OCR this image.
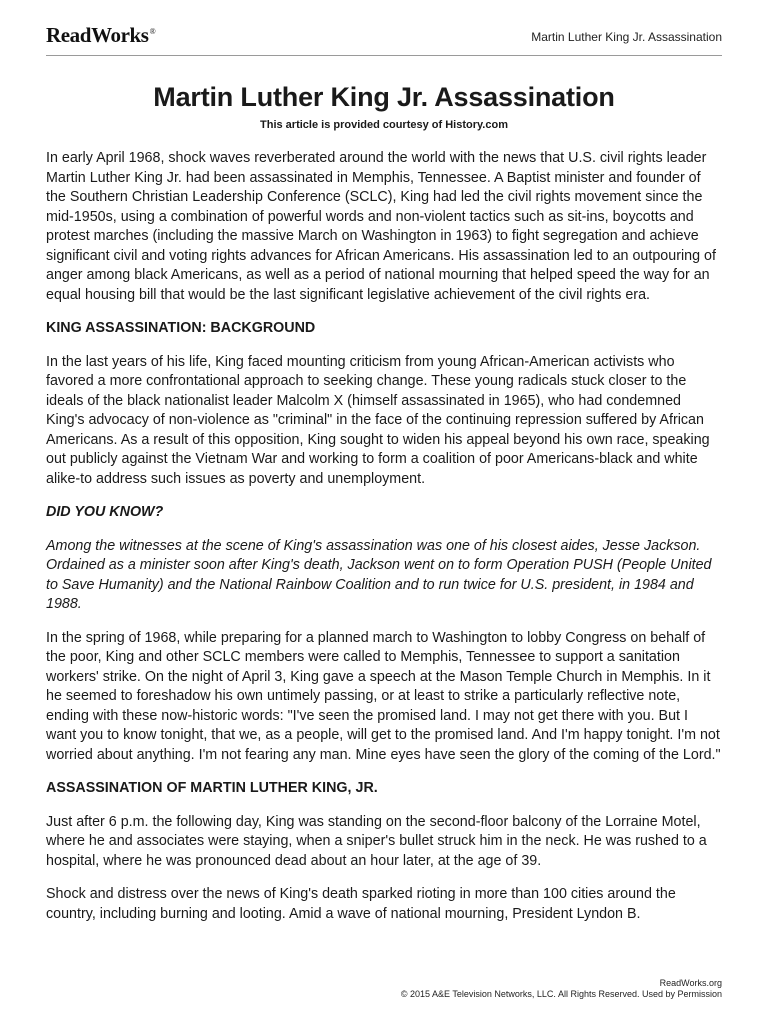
ReadWorks®	Martin Luther King Jr. Assassination
Martin Luther King Jr. Assassination
This article is provided courtesy of History.com

In early April 1968, shock waves reverberated around the world with the news that U.S. civil rights leader Martin Luther King Jr. had been assassinated in Memphis, Tennessee. A Baptist minister and founder of the Southern Christian Leadership Conference (SCLC), King had led the civil rights movement since the mid-1950s, using a combination of powerful words and non-violent tactics such as sit-ins, boycotts and protest marches (including the massive March on Washington in 1963) to fight segregation and achieve significant civil and voting rights advances for African Americans. His assassination led to an outpouring of anger among black Americans, as well as a period of national mourning that helped speed the way for an equal housing bill that would be the last significant legislative achievement of the civil rights era.

KING ASSASSINATION: BACKGROUND

In the last years of his life, King faced mounting criticism from young African-American activists who favored a more confrontational approach to seeking change. These young radicals stuck closer to the ideals of the black nationalist leader Malcolm X (himself assassinated in 1965), who had condemned King's advocacy of non-violence as "criminal" in the face of the continuing repression suffered by African Americans. As a result of this opposition, King sought to widen his appeal beyond his own race, speaking out publicly against the Vietnam War and working to form a coalition of poor Americans-black and white alike-to address such issues as poverty and unemployment.

DID YOU KNOW?

Among the witnesses at the scene of King's assassination was one of his closest aides, Jesse Jackson. Ordained as a minister soon after King's death, Jackson went on to form Operation PUSH (People United to Save Humanity) and the National Rainbow Coalition and to run twice for U.S. president, in 1984 and 1988.

In the spring of 1968, while preparing for a planned march to Washington to lobby Congress on behalf of the poor, King and other SCLC members were called to Memphis, Tennessee to support a sanitation workers' strike. On the night of April 3, King gave a speech at the Mason Temple Church in Memphis. In it he seemed to foreshadow his own untimely passing, or at least to strike a particularly reflective note, ending with these now-historic words: "I've seen the promised land. I may not get there with you. But I want you to know tonight, that we, as a people, will get to the promised land. And I'm happy tonight. I'm not worried about anything. I'm not fearing any man. Mine eyes have seen the glory of the coming of the Lord."

ASSASSINATION OF MARTIN LUTHER KING, JR.

Just after 6 p.m. the following day, King was standing on the second-floor balcony of the Lorraine Motel, where he and associates were staying, when a sniper's bullet struck him in the neck. He was rushed to a hospital, where he was pronounced dead about an hour later, at the age of 39.

Shock and distress over the news of King's death sparked rioting in more than 100 cities around the country, including burning and looting. Amid a wave of national mourning, President Lyndon B.

ReadWorks.org
© 2015 A&E Television Networks, LLC. All Rights Reserved. Used by Permission
